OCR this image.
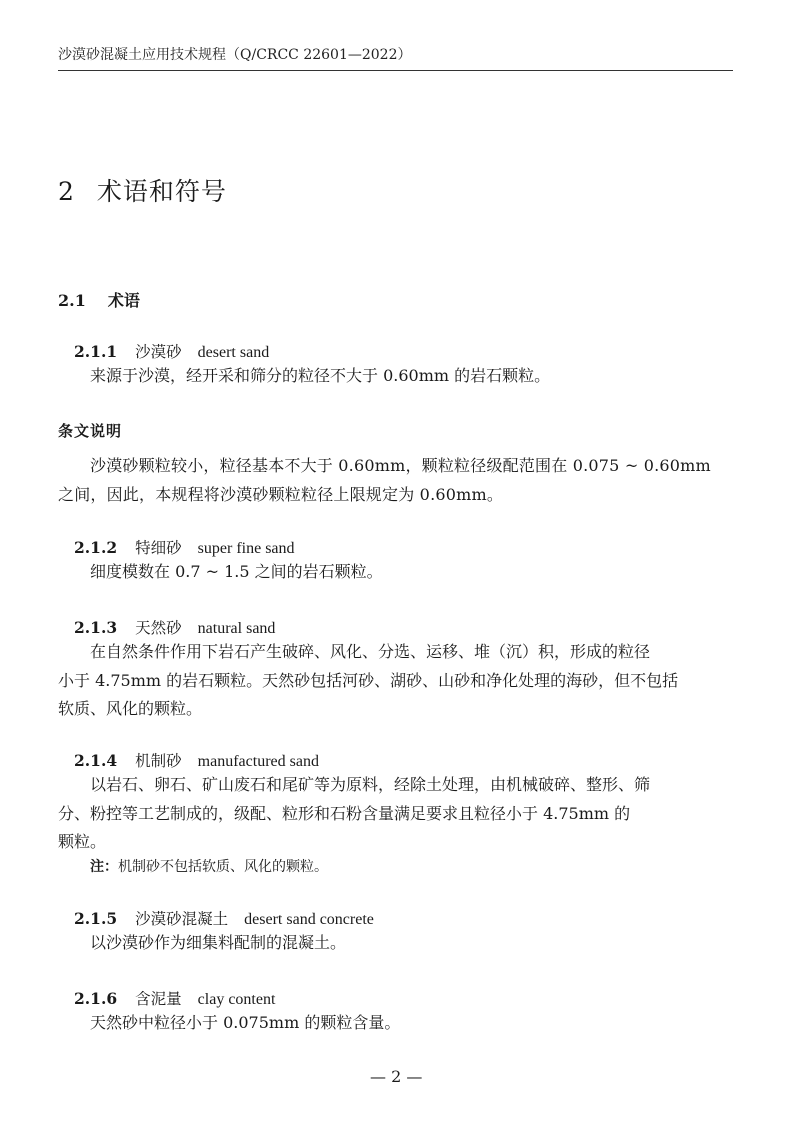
沙漠砂混凝土应用技术规程（Q/CRCC 22601—2022）
2 术语和符号
2.1 术语
2.1.1 沙漠砂 desert sand
来源于沙漠，经开采和筛分的粒径不大于 0.60mm 的岩石颗粒。
条文说明
沙漠砂颗粒较小，粒径基本不大于 0.60mm，颗粒粒径级配范围在 0.075 ~ 0.60mm
之间，因此，本规程将沙漠砂颗粒粒径上限规定为 0.60mm。
2.1.2 特细砂 super fine sand
细度模数在 0.7 ~ 1.5 之间的岩石颗粒。
2.1.3 天然砂 natural sand
在自然条件作用下岩石产生破碎、风化、分选、运移、堆（沉）积，形成的粒径
小于 4.75mm 的岩石颗粒。天然砂包括河砂、湖砂、山砂和净化处理的海砂，但不包括
软质、风化的颗粒。
2.1.4 机制砂 manufactured sand
以岩石、卵石、矿山废石和尾矿等为原料，经除土处理，由机械破碎、整形、筛
分、粉控等工艺制成的，级配、粒形和石粉含量满足要求且粒径小于 4.75mm 的
颗粒。
注：机制砂不包括软质、风化的颗粒。
2.1.5 沙漠砂混凝土 desert sand concrete
以沙漠砂作为细集料配制的混凝土。
2.1.6 含泥量 clay content
天然砂中粒径小于 0.075mm 的颗粒含量。
— 2 —
